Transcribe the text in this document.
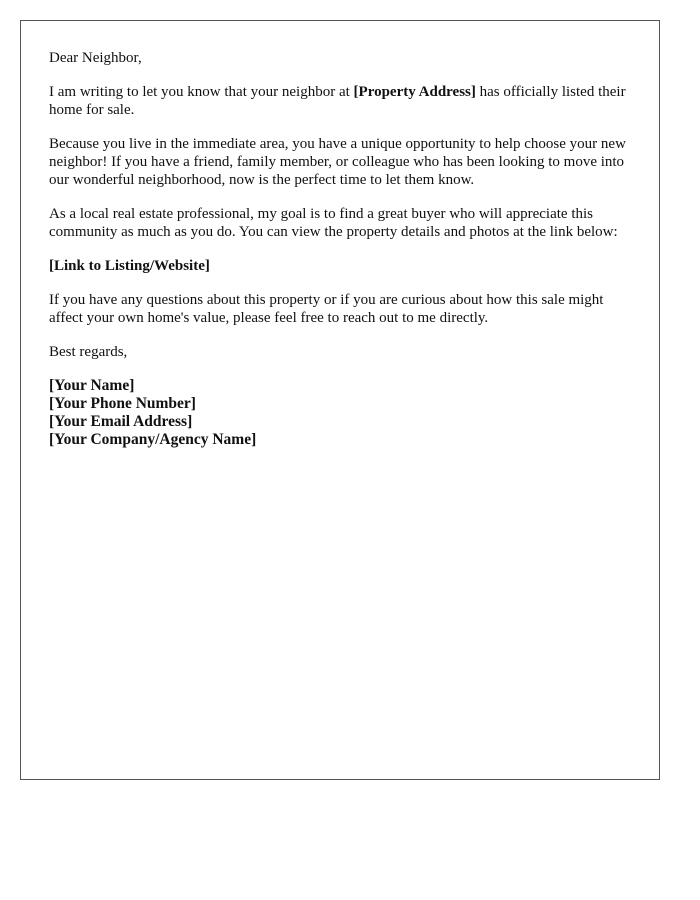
Dear Neighbor,

I am writing to let you know that your neighbor at [Property Address] has officially listed their home for sale.

Because you live in the immediate area, you have a unique opportunity to help choose your new neighbor! If you have a friend, family member, or colleague who has been looking to move into our wonderful neighborhood, now is the perfect time to let them know.

As a local real estate professional, my goal is to find a great buyer who will appreciate this community as much as you do. You can view the property details and photos at the link below:

[Link to Listing/Website]

If you have any questions about this property or if you are curious about how this sale might affect your own home's value, please feel free to reach out to me directly.

Best regards,

[Your Name]
[Your Phone Number]
[Your Email Address]
[Your Company/Agency Name]
